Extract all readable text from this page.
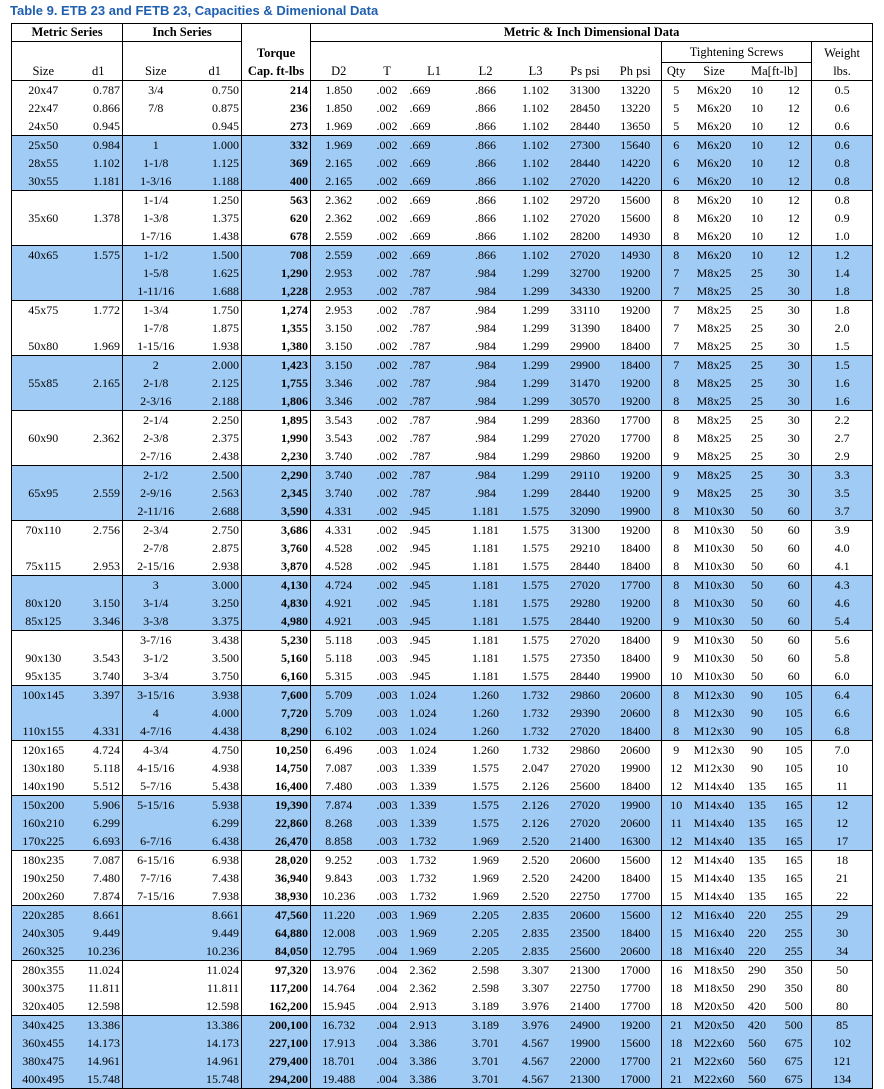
Table 9. ETB 23 and FETB 23, Capacities & Dimenional Data
Metric Series		Inch Series			Metric & Inch Dimensional Data											
				Torque								Tightening Screws				Weight
Size	d1	Size	d1	Cap. ft-lbs	D2	T	L1	L2	L3	Ps psi	Ph psi	Qty	Size	Ma[ft-lb]		lbs.
20x47	0.787	3/4	0.750	214	1.850	.002	.669	.866	1.102	31300	13220	5	M6x20	10	12	0.5
22x47	0.866	7/8	0.875	236	1.850	.002	.669	.866	1.102	28450	13220	5	M6x20	10	12	0.6
24x50	0.945		0.945	273	1.969	.002	.669	.866	1.102	28440	13650	5	M6x20	10	12	0.6
25x50	0.984	1	1.000	332	1.969	.002	.669	.866	1.102	27300	15640	6	M6x20	10	12	0.6
28x55	1.102	1-1/8	1.125	369	2.165	.002	.669	.866	1.102	28440	14220	6	M6x20	10	12	0.8
30x55	1.181	1-3/16	1.188	400	2.165	.002	.669	.866	1.102	27020	14220	6	M6x20	10	12	0.8
		1-1/4	1.250	563	2.362	.002	.669	.866	1.102	29720	15600	8	M6x20	10	12	0.8
35x60	1.378	1-3/8	1.375	620	2.362	.002	.669	.866	1.102	27020	15600	8	M6x20	10	12	0.9
		1-7/16	1.438	678	2.559	.002	.669	.866	1.102	28200	14930	8	M6x20	10	12	1.0
40x65	1.575	1-1/2	1.500	708	2.559	.002	.669	.866	1.102	27020	14930	8	M6x20	10	12	1.2
		1-5/8	1.625	1,290	2.953	.002	.787	.984	1.299	32700	19200	7	M8x25	25	30	1.4
		1-11/16	1.688	1,228	2.953	.002	.787	.984	1.299	34330	19200	7	M8x25	25	30	1.8
45x75	1.772	1-3/4	1.750	1,274	2.953	.002	.787	.984	1.299	33110	19200	7	M8x25	25	30	1.8
		1-7/8	1.875	1,355	3.150	.002	.787	.984	1.299	31390	18400	7	M8x25	25	30	2.0
50x80	1.969	1-15/16	1.938	1,380	3.150	.002	.787	.984	1.299	29900	18400	7	M8x25	25	30	1.5
		2	2.000	1,423	3.150	.002	.787	.984	1.299	29900	18400	7	M8x25	25	30	1.5
55x85	2.165	2-1/8	2.125	1,755	3.346	.002	.787	.984	1.299	31470	19200	8	M8x25	25	30	1.6
		2-3/16	2.188	1,806	3.346	.002	.787	.984	1.299	30570	19200	8	M8x25	25	30	1.6
		2-1/4	2.250	1,895	3.543	.002	.787	.984	1.299	28360	17700	8	M8x25	25	30	2.2
60x90	2.362	2-3/8	2.375	1,990	3.543	.002	.787	.984	1.299	27020	17700	8	M8x25	25	30	2.7
		2-7/16	2.438	2,230	3.740	.002	.787	.984	1.299	29860	19200	9	M8x25	25	30	2.9
		2-1/2	2.500	2,290	3.740	.002	.787	.984	1.299	29110	19200	9	M8x25	25	30	3.3
65x95	2.559	2-9/16	2.563	2,345	3.740	.002	.787	.984	1.299	28440	19200	9	M8x25	25	30	3.5
		2-11/16	2.688	3,590	4.331	.002	.945	1.181	1.575	32090	19900	8	M10x30	50	60	3.7
70x110	2.756	2-3/4	2.750	3,686	4.331	.002	.945	1.181	1.575	31300	19200	8	M10x30	50	60	3.9
		2-7/8	2.875	3,760	4.528	.002	.945	1.181	1.575	29210	18400	8	M10x30	50	60	4.0
75x115	2.953	2-15/16	2.938	3,870	4.528	.002	.945	1.181	1.575	28440	18400	8	M10x30	50	60	4.1
		3	3.000	4,130	4.724	.002	.945	1.181	1.575	27020	17700	8	M10x30	50	60	4.3
80x120	3.150	3-1/4	3.250	4,830	4.921	.002	.945	1.181	1.575	29280	19200	8	M10x30	50	60	4.6
85x125	3.346	3-3/8	3.375	4,980	4.921	.003	.945	1.181	1.575	28440	19200	9	M10x30	50	60	5.4
		3-7/16	3.438	5,230	5.118	.003	.945	1.181	1.575	27020	18400	9	M10x30	50	60	5.6
90x130	3.543	3-1/2	3.500	5,160	5.118	.003	.945	1.181	1.575	27350	18400	9	M10x30	50	60	5.8
95x135	3.740	3-3/4	3.750	6,160	5.315	.003	.945	1.181	1.575	28440	19900	10	M10x30	50	60	6.0
100x145	3.397	3-15/16	3.938	7,600	5.709	.003	1.024	1.260	1.732	29860	20600	8	M12x30	90	105	6.4
		4	4.000	7,720	5.709	.003	1.024	1.260	1.732	29390	20600	8	M12x30	90	105	6.6
110x155	4.331	4-7/16	4.438	8,290	6.102	.003	1.024	1.260	1.732	27020	18400	8	M12x30	90	105	6.8
120x165	4.724	4-3/4	4.750	10,250	6.496	.003	1.024	1.260	1.732	29860	20600	9	M12x30	90	105	7.0
130x180	5.118	4-15/16	4.938	14,750	7.087	.003	1.339	1.575	2.047	27020	19900	12	M12x30	90	105	10
140x190	5.512	5-7/16	5.438	16,400	7.480	.003	1.339	1.575	2.126	25600	18400	12	M14x40	135	165	11
150x200	5.906	5-15/16	5.938	19,390	7.874	.003	1.339	1.575	2.126	27020	19900	10	M14x40	135	165	12
160x210	6.299		6.299	22,860	8.268	.003	1.339	1.575	2.126	27020	20600	11	M14x40	135	165	12
170x225	6.693	6-7/16	6.438	26,470	8.858	.003	1.732	1.969	2.520	21400	16300	12	M14x40	135	165	17
180x235	7.087	6-15/16	6.938	28,020	9.252	.003	1.732	1.969	2.520	20600	15600	12	M14x40	135	165	18
190x250	7.480	7-7/16	7.438	36,940	9.843	.003	1.732	1.969	2.520	24200	18400	15	M14x40	135	165	21
200x260	7.874	7-15/16	7.938	38,930	10.236	.003	1.732	1.969	2.520	22750	17700	15	M14x40	135	165	22
220x285	8.661		8.661	47,560	11.220	.003	1.969	2.205	2.835	20600	15600	12	M16x40	220	255	29
240x305	9.449		9.449	64,880	12.008	.003	1.969	2.205	2.835	23500	18400	15	M16x40	220	255	30
260x325	10.236		10.236	84,050	12.795	.004	1.969	2.205	2.835	25600	20600	18	M16x40	220	255	34
280x355	11.024		11.024	97,320	13.976	.004	2.362	2.598	3.307	21300	17000	16	M18x50	290	350	50
300x375	11.811		11.811	117,200	14.764	.004	2.362	2.598	3.307	22750	17700	18	M18x50	290	350	80
320x405	12.598		12.598	162,200	15.945	.004	2.913	3.189	3.976	21400	17700	18	M20x50	420	500	80
340x425	13.386		13.386	200,100	16.732	.004	2.913	3.189	3.976	24900	19200	21	M20x50	420	500	85
360x455	14.173		14.173	227,100	17.913	.004	3.386	3.701	4.567	19900	15600	18	M22x60	560	675	102
380x475	14.961		14.961	279,400	18.701	.004	3.386	3.701	4.567	22000	17700	21	M22x60	560	675	121
400x495	15.748		15.748	294,200	19.488	.004	3.386	3.701	4.567	21300	17000	21	M22x60	560	675	134
